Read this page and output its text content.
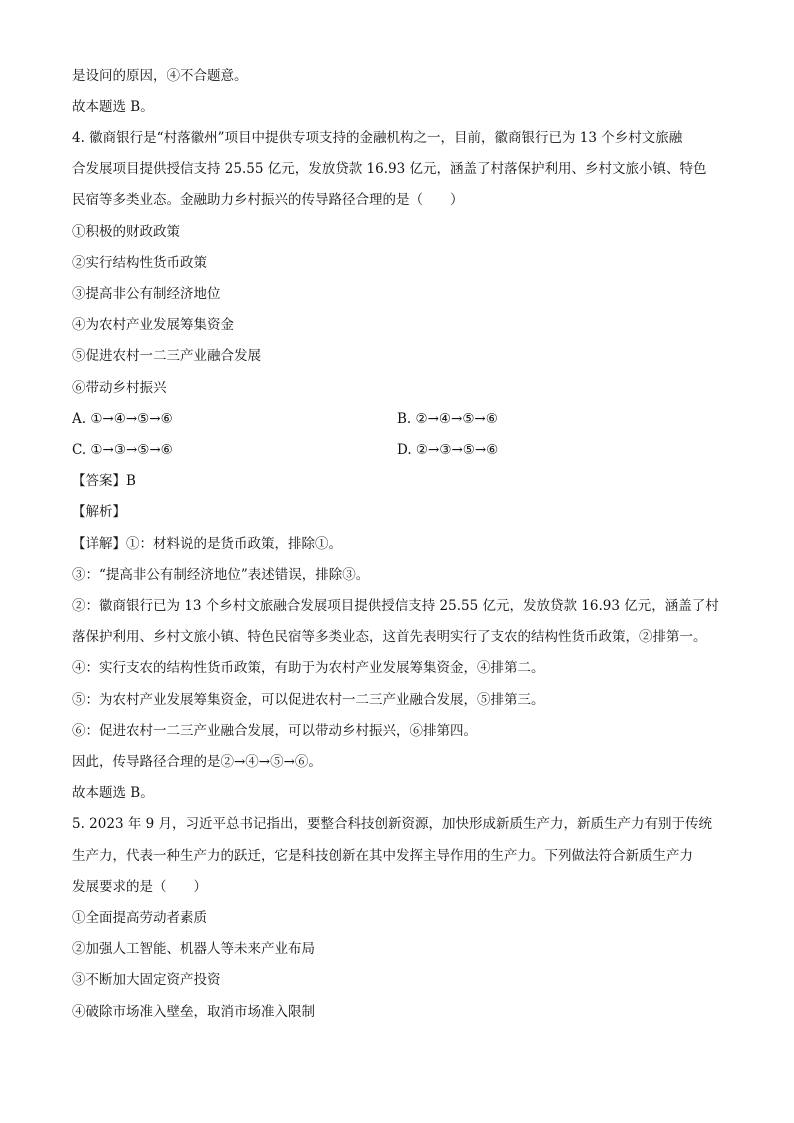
是设问的原因，④不合题意。
故本题选 B。
4. 徽商银行是“村落徽州”项目中提供专项支持的金融机构之一，目前，徽商银行已为 13 个乡村文旅融
合发展项目提供授信支持 25.55 亿元，发放贷款 16.93 亿元，涵盖了村落保护利用、乡村文旅小镇、特色
民宿等多类业态。金融助力乡村振兴的传导路径合理的是（　　）
①积极的财政政策
②实行结构性货币政策
③提高非公有制经济地位
④为农村产业发展筹集资金
⑤促进农村一二三产业融合发展
⑥带动乡村振兴
A. ①→④→⑤→⑥	B. ②→④→⑤→⑥
C. ①→③→⑤→⑥	D. ②→③→⑤→⑥
【答案】B
【解析】
【详解】①：材料说的是货币政策，排除①。
③：“提高非公有制经济地位”表述错误，排除③。
②：徽商银行已为 13 个乡村文旅融合发展项目提供授信支持 25.55 亿元，发放贷款 16.93 亿元，涵盖了村
落保护利用、乡村文旅小镇、特色民宿等多类业态，这首先表明实行了支农的结构性货币政策，②排第一。
④：实行支农的结构性货币政策，有助于为农村产业发展筹集资金，④排第二。
⑤：为农村产业发展筹集资金，可以促进农村一二三产业融合发展，⑤排第三。
⑥：促进农村一二三产业融合发展，可以带动乡村振兴，⑥排第四。
因此，传导路径合理的是②→④→⑤→⑥。
故本题选 B。
5. 2023 年 9 月，习近平总书记指出，要整合科技创新资源，加快形成新质生产力，新质生产力有别于传统
生产力，代表一种生产力的跃迁，它是科技创新在其中发挥主导作用的生产力。下列做法符合新质生产力
发展要求的是（　　）
①全面提高劳动者素质
②加强人工智能、机器人等未来产业布局
③不断加大固定资产投资
④破除市场准入壁垒，取消市场准入限制
